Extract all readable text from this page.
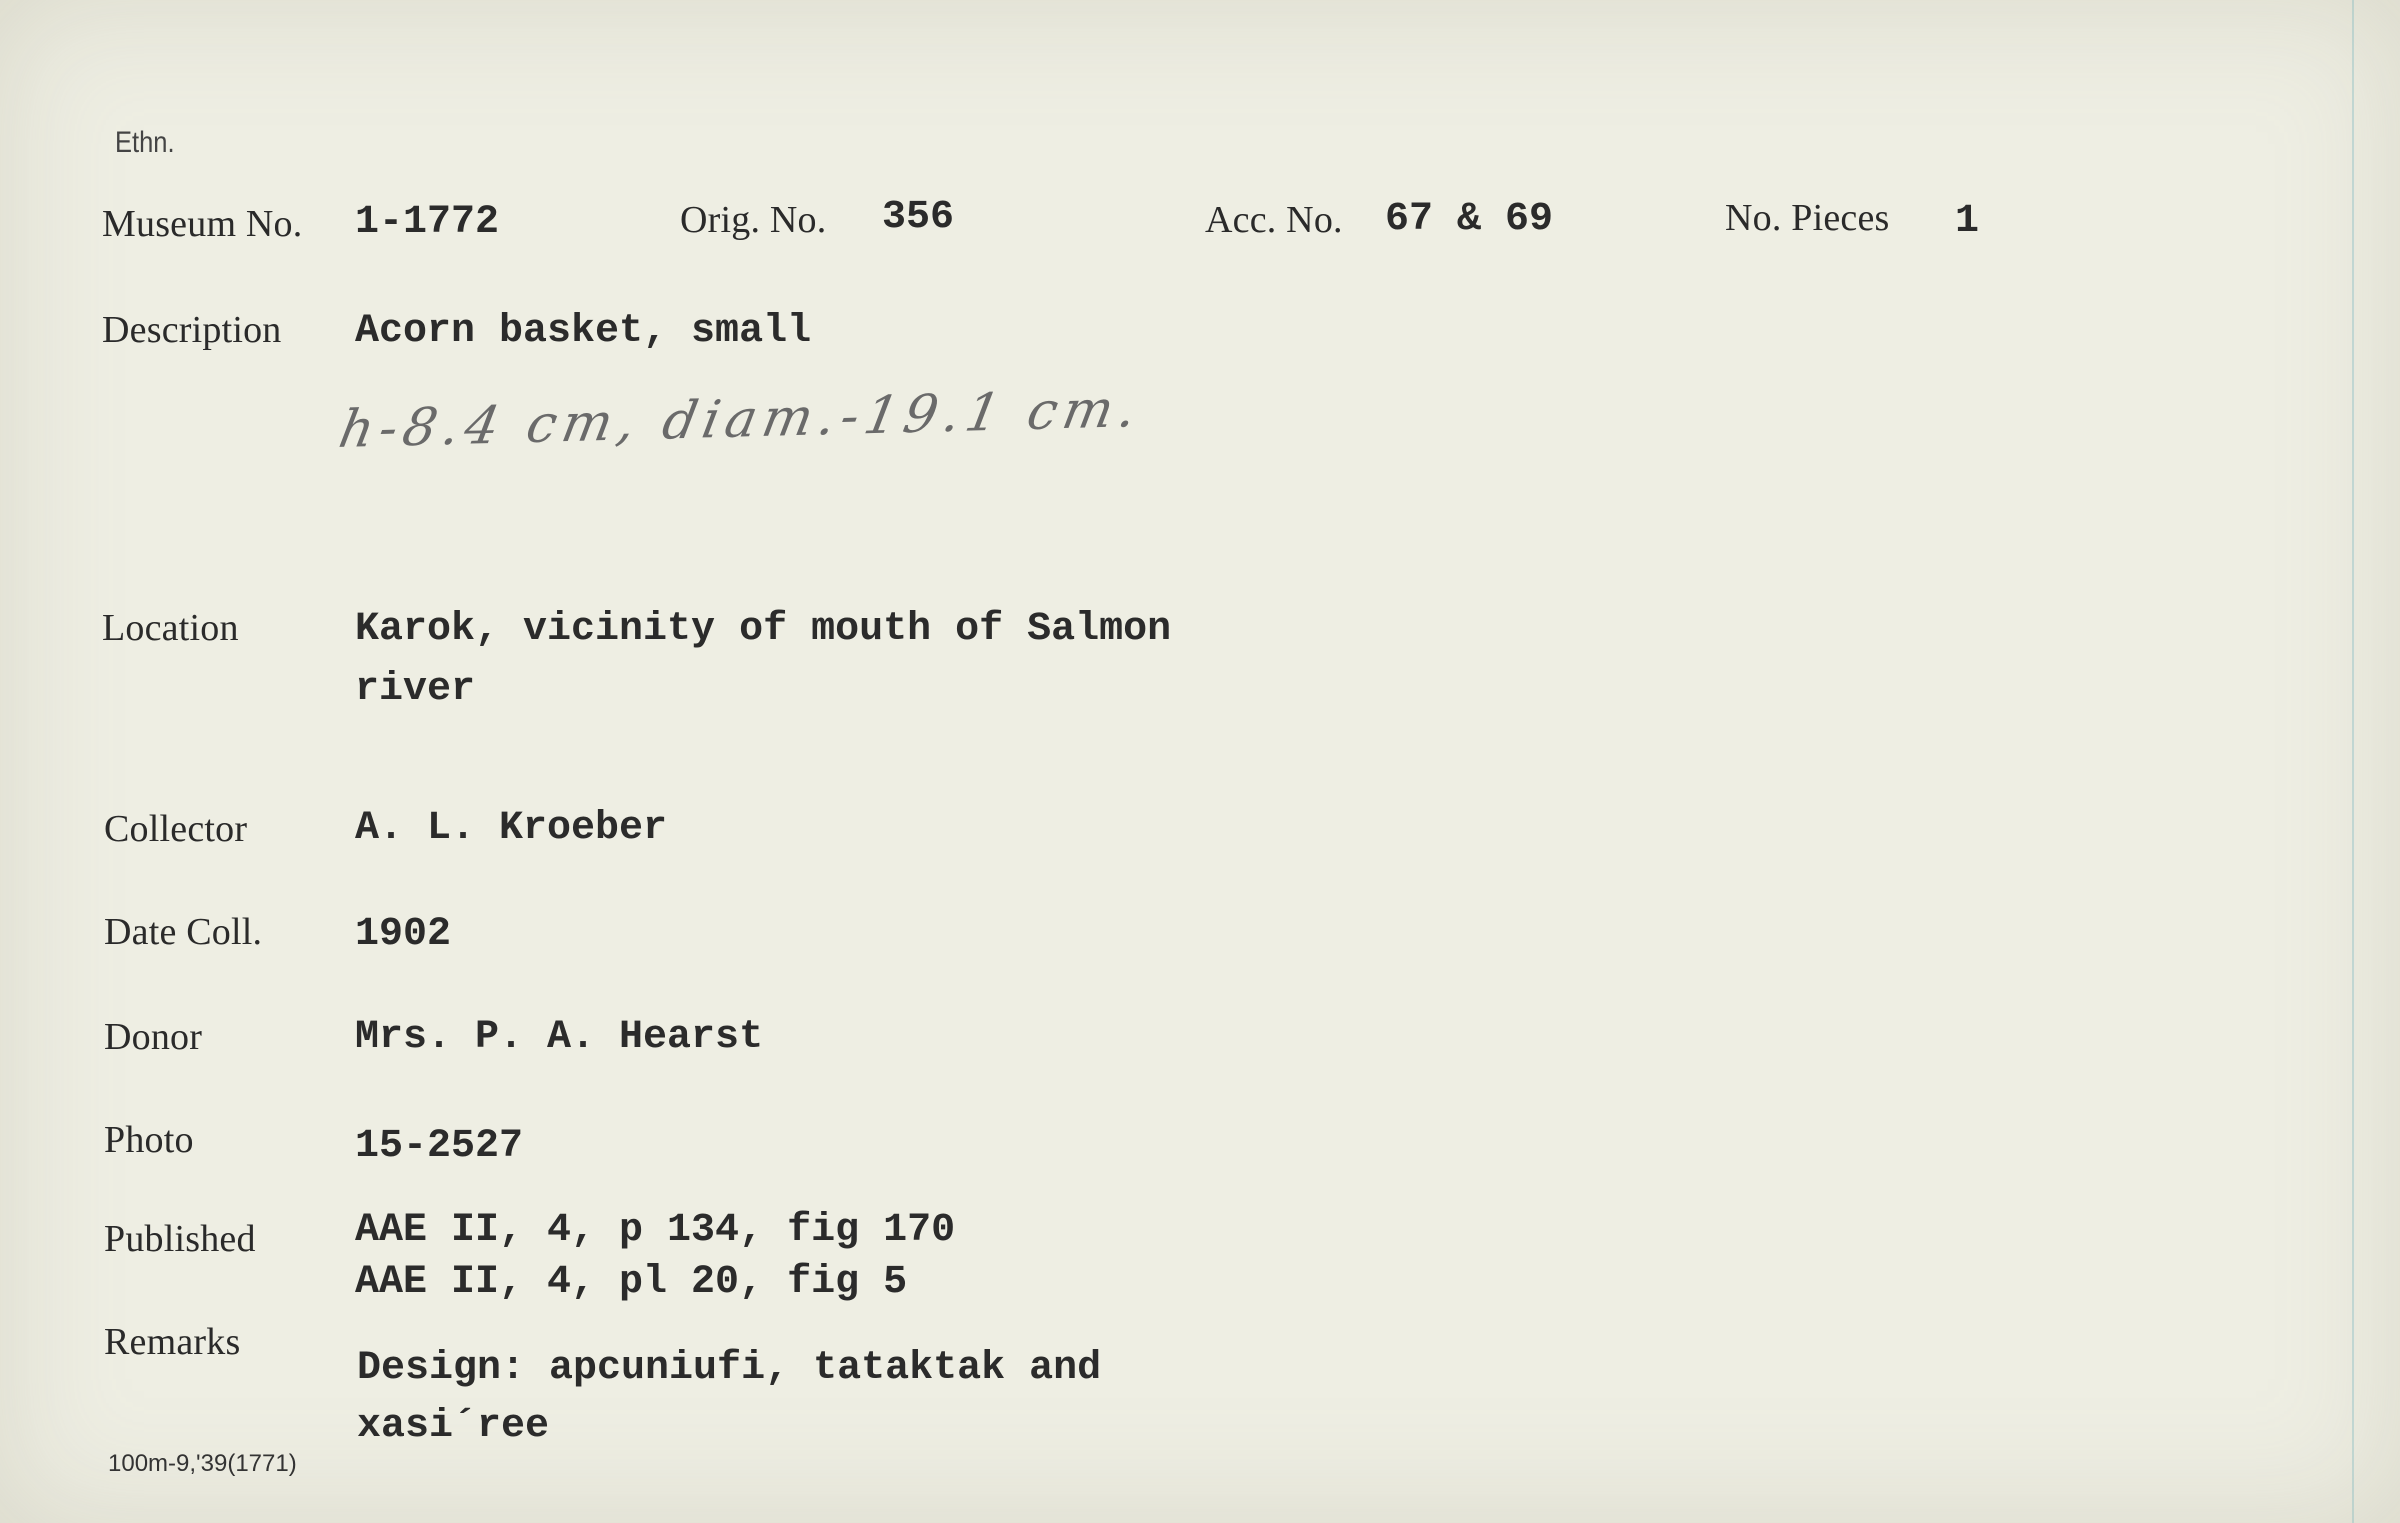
Ethn.
Museum No. 1-1772	Orig. No. 356	Acc. No. 67 & 69	No. Pieces 1
Description Acorn basket, small
h-8.4 cm, diam.-19.1 cm.
Location	Karok, vicinity of mouth of Salmon
river
Collector	A. L. Kroeber
Date Coll. 1902
Donor	Mrs. P. A. Hearst
Photo	15-2527
Published AAE II, 4, p 134, fig 170
AAE II, 4, pl 20, fig 5
Remarks
Design: apcuniufi, tataktak and
xasi´ree
100m-9,'39(1771)
